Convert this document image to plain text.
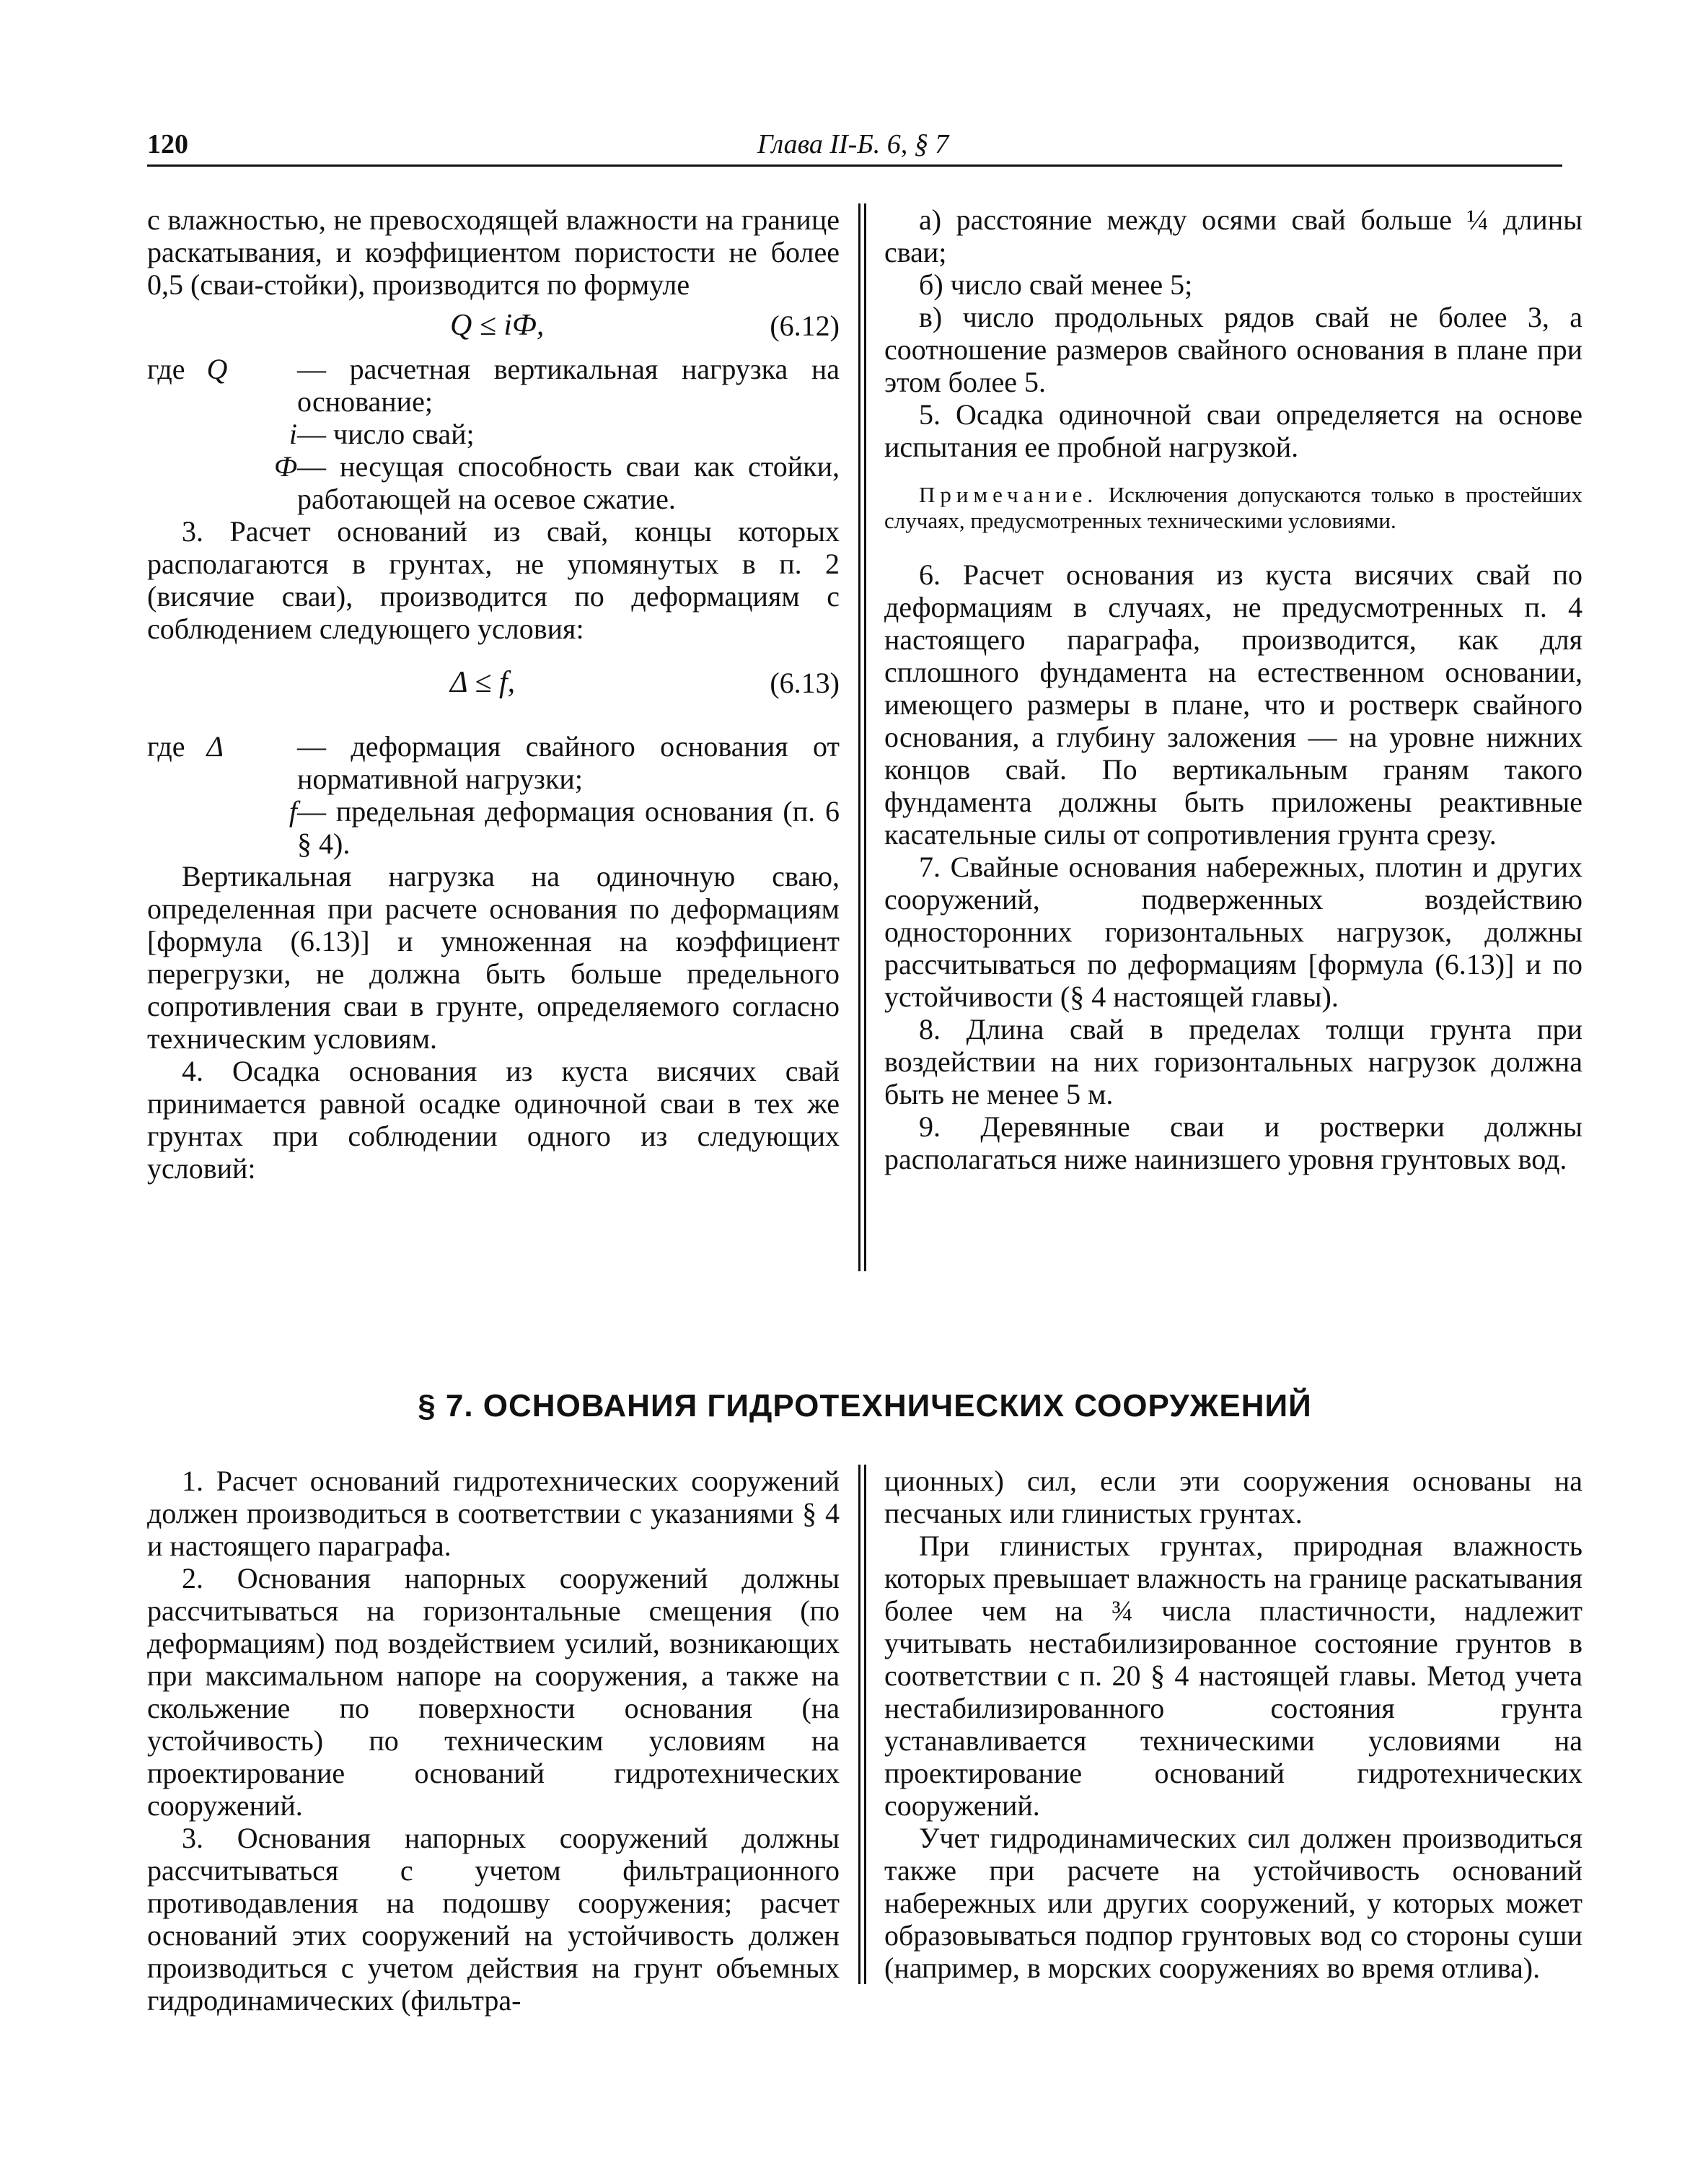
120	Глава II-Б. 6, § 7

с влажностью, не превосходящей влажности на границе раскатывания, и коэффициентом пористости не более 0,5 (сваи-стойки), производится по формуле

Q ≤ iФ,	(6.12)
где Q	— расчетная вертикальная нагрузка на основание;
i — число свай;
Ф — несущая способность сваи как стойки, работающей на осевое сжатие.

3. Расчет оснований из свай, концы которых располагаются в грунтах, не упомянутых в п. 2 (висячие сваи), производится по деформациям с соблюдением следующего условия:

Δ ≤ f,	(6.13)
где Δ	— деформация свайного основания от нормативной нагрузки;
f — предельная деформация основания (п. 6 § 4).

Вертикальная нагрузка на одиночную сваю, определенная при расчете основания по деформациям [формула (6.13)] и умноженная на коэффициент перегрузки, не должна быть больше предельного сопротивления сваи в грунте, определяемого согласно техническим условиям.

4. Осадка основания из куста висячих свай принимается равной осадке одиночной сваи в тех же грунтах при соблюдении одного из следующих условий:

а) расстояние между осями свай больше ¼ длины сваи;

б) число свай менее 5;

в) число продольных рядов свай не более 3, а соотношение размеров свайного основания в плане при этом более 5.

5. Осадка одиночной сваи определяется на основе испытания ее пробной нагрузкой.

Примечание. Исключения допускаются только в простейших случаях, предусмотренных техническими условиями.

6. Расчет основания из куста висячих свай по деформациям в случаях, не предусмотренных п. 4 настоящего параграфа, производится, как для сплошного фундамента на естественном основании, имеющего размеры в плане, что и ростверк свайного основания, а глубину заложения — на уровне нижних концов свай. По вертикальным граням такого фундамента должны быть приложены реактивные касательные силы от сопротивления грунта срезу.

7. Свайные основания набережных, плотин и других сооружений, подверженных воздействию односторонних горизонтальных нагрузок, должны рассчитываться по деформациям [формула (6.13)] и по устойчивости (§ 4 настоящей главы).

8. Длина свай в пределах толщи грунта при воздействии на них горизонтальных нагрузок должна быть не менее 5 м.

9. Деревянные сваи и ростверки должны располагаться ниже наинизшего уровня грунтовых вод.

§ 7. ОСНОВАНИЯ ГИДРОТЕХНИЧЕСКИХ СООРУЖЕНИЙ

1. Расчет оснований гидротехнических сооружений должен производиться в соответствии с указаниями § 4 и настоящего параграфа.

2. Основания напорных сооружений должны рассчитываться на горизонтальные смещения (по деформациям) под воздействием усилий, возникающих при максимальном напоре на сооружения, а также на скольжение по поверхности основания (на устойчивость) по техническим условиям на проектирование оснований гидротехнических сооружений.

3. Основания напорных сооружений должны рассчитываться с учетом фильтрационного противодавления на подошву сооружения; расчет оснований этих сооружений на устойчивость должен производиться с учетом действия на грунт объемных гидродинамических (фильтра-

ционных) сил, если эти сооружения основаны на песчаных или глинистых грунтах.

При глинистых грунтах, природная влажность которых превышает влажность на границе раскатывания более чем на ¾ числа пластичности, надлежит учитывать нестабилизированное состояние грунтов в соответствии с п. 20 § 4 настоящей главы. Метод учета нестабилизированного состояния грунта устанавливается техническими условиями на проектирование оснований гидротехнических сооружений.

Учет гидродинамических сил должен производиться также при расчете на устойчивость оснований набережных или других сооружений, у которых может образовываться подпор грунтовых вод со стороны суши (например, в морских сооружениях во время отлива).
